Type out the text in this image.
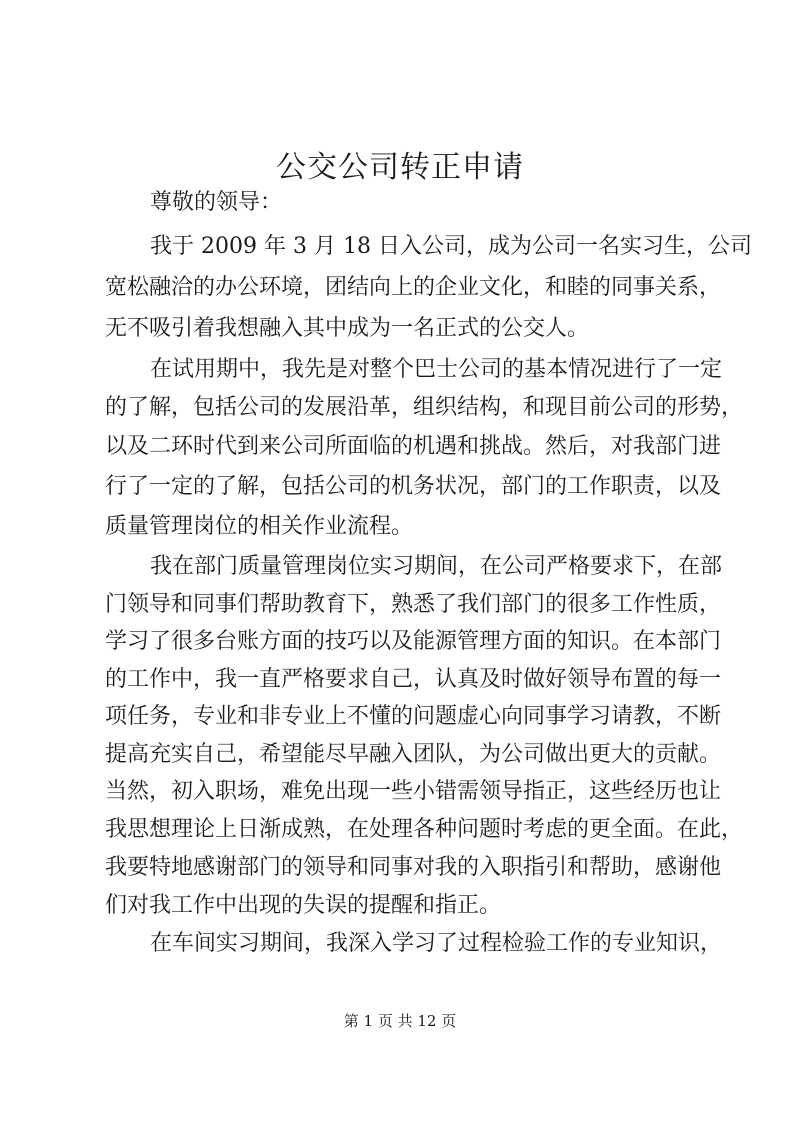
公交公司转正申请
尊敬的领导：
我于 2009 年 3 月 18 日入公司，成为公司一名实习生，公司
宽松融洽的办公环境，团结向上的企业文化，和睦的同事关系，
无不吸引着我想融入其中成为一名正式的公交人。
在试用期中，我先是对整个巴士公司的基本情况进行了一定
的了解，包括公司的发展沿革，组织结构，和现目前公司的形势，
以及二环时代到来公司所面临的机遇和挑战。然后，对我部门进
行了一定的了解，包括公司的机务状况，部门的工作职责，以及
质量管理岗位的相关作业流程。
我在部门质量管理岗位实习期间，在公司严格要求下，在部
门领导和同事们帮助教育下，熟悉了我们部门的很多工作性质，
学习了很多台账方面的技巧以及能源管理方面的知识。在本部门
的工作中，我一直严格要求自己，认真及时做好领导布置的每一
项任务，专业和非专业上不懂的问题虚心向同事学习请教，不断
提高充实自己，希望能尽早融入团队，为公司做出更大的贡献。
当然，初入职场，难免出现一些小错需领导指正，这些经历也让
我思想理论上日渐成熟，在处理各种问题时考虑的更全面。在此，
我要特地感谢部门的领导和同事对我的入职指引和帮助，感谢他
们对我工作中出现的失误的提醒和指正。
在车间实习期间，我深入学习了过程检验工作的专业知识，
第 1 页 共 12 页
